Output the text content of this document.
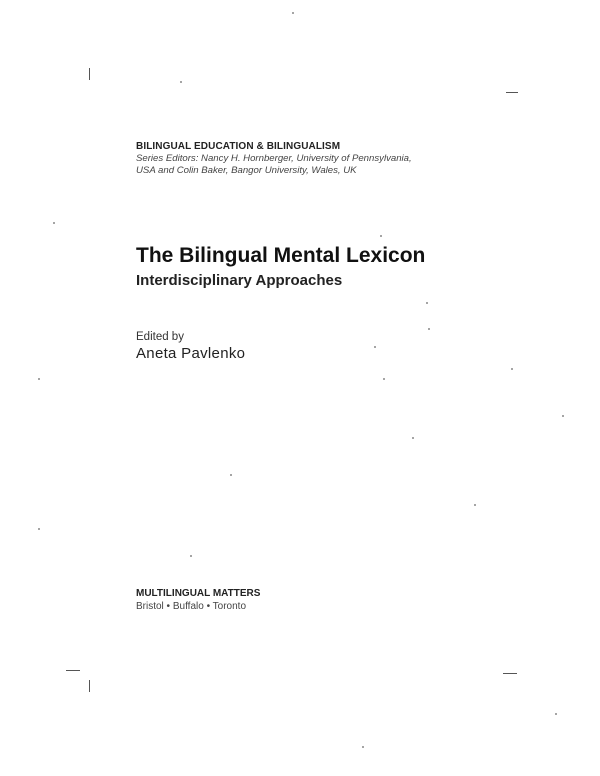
BILINGUAL EDUCATION & BILINGUALISM
Series Editors: Nancy H. Hornberger, University of Pennsylvania,
USA and Colin Baker, Bangor University, Wales, UK
The Bilingual Mental Lexicon
Interdisciplinary Approaches
Edited by
Aneta Pavlenko
MULTILINGUAL MATTERS
Bristol • Buffalo • Toronto
